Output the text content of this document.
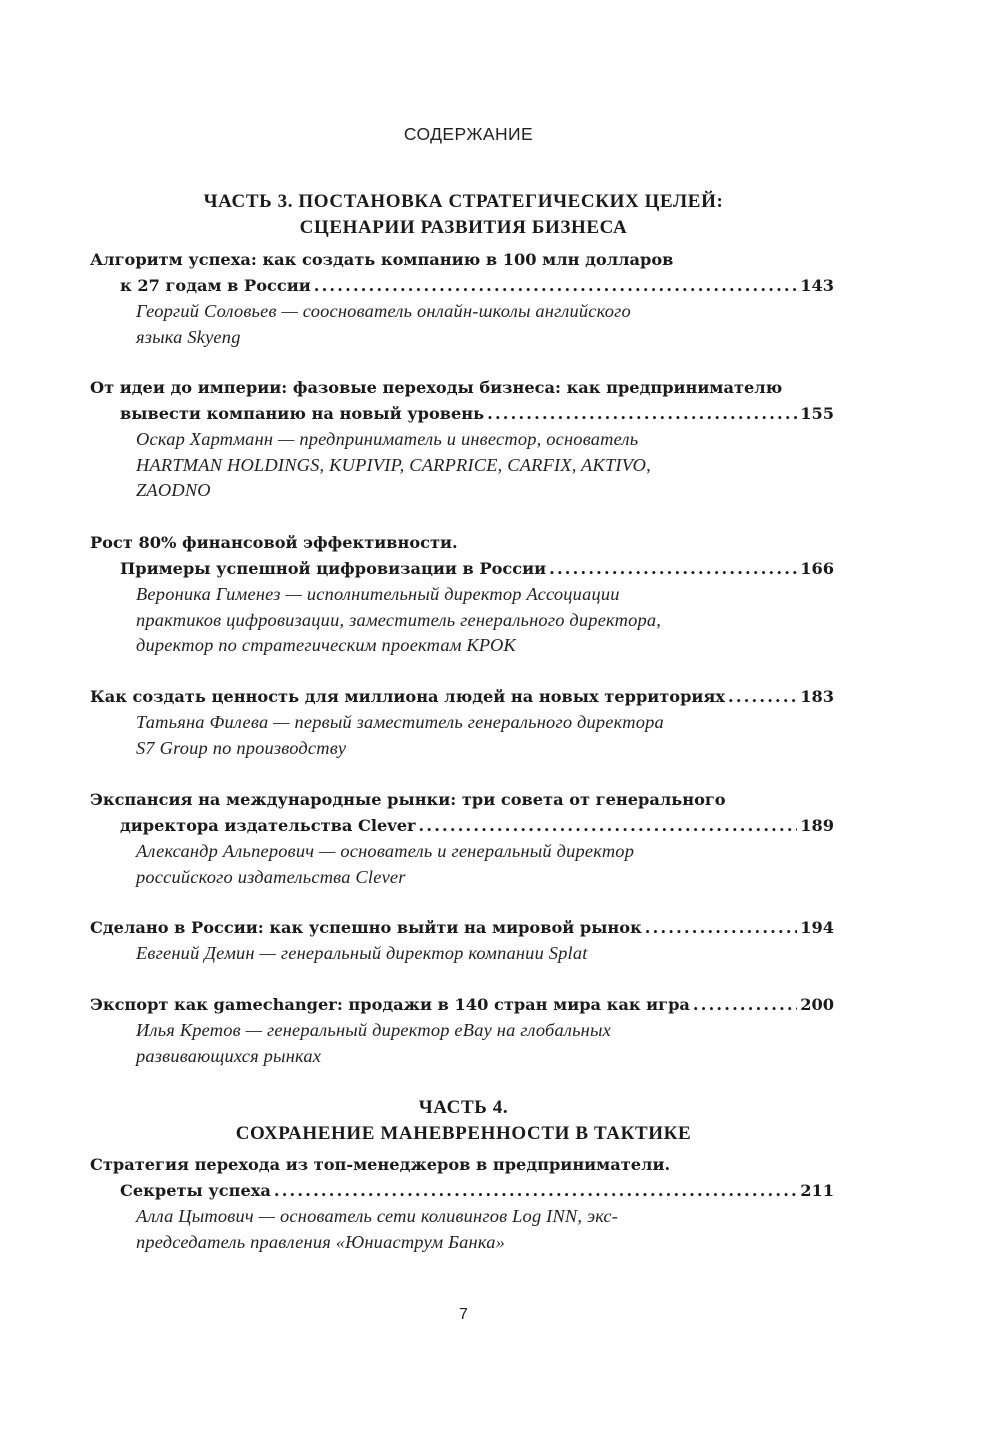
СОДЕРЖАНИЕ
ЧАСТЬ 3. ПОСТАНОВКА СТРАТЕГИЧЕСКИХ ЦЕЛЕЙ:
СЦЕНАРИИ РАЗВИТИЯ БИЗНЕСА
Алгоритм успеха: как создать компанию в 100 млн долларов
к 27 годам в России .....	143
Георгий Соловьев — сооснователь онлайн-школы английского
языка Skyeng
От идеи до империи: фазовые переходы бизнеса: как предпринимателю
вывести компанию на новый уровень .....	155
Оскар Хартманн — предприниматель и инвестор, основатель
HARTMAN HOLDINGS, KUPIVIP, CARPRICE, CARFIX, AKTIVO,
ZAODNO
Рост 80% финансовой эффективности.
Примеры успешной цифровизации в России .....	166
Вероника Гименез — исполнительный директор Ассоциации
практиков цифровизации, заместитель генерального директора,
директор по стратегическим проектам КРОК
Как создать ценность для миллиона людей на новых территориях .....	183
Татьяна Филева — первый заместитель генерального директора
S7 Group по производству
Экспансия на международные рынки: три совета от генерального
директора издательства Clever .....	189
Александр Альперович — основатель и генеральный директор
российского издательства Clever
Сделано в России: как успешно выйти на мировой рынок .....	194
Евгений Демин — генеральный директор компании Splat
Экспорт как gamechanger: продажи в 140 стран мира как игра .....	200
Илья Кретов — генеральный директор eBay на глобальных
развивающихся рынках
ЧАСТЬ 4.
СОХРАНЕНИЕ МАНЕВРЕННОСТИ В ТАКТИКЕ
Стратегия перехода из топ-менеджеров в предприниматели.
Секреты успеха .....	211
Алла Цытович — основатель сети коливингов Log INN, экс-
председатель правления «Юниаструм Банка»
7
